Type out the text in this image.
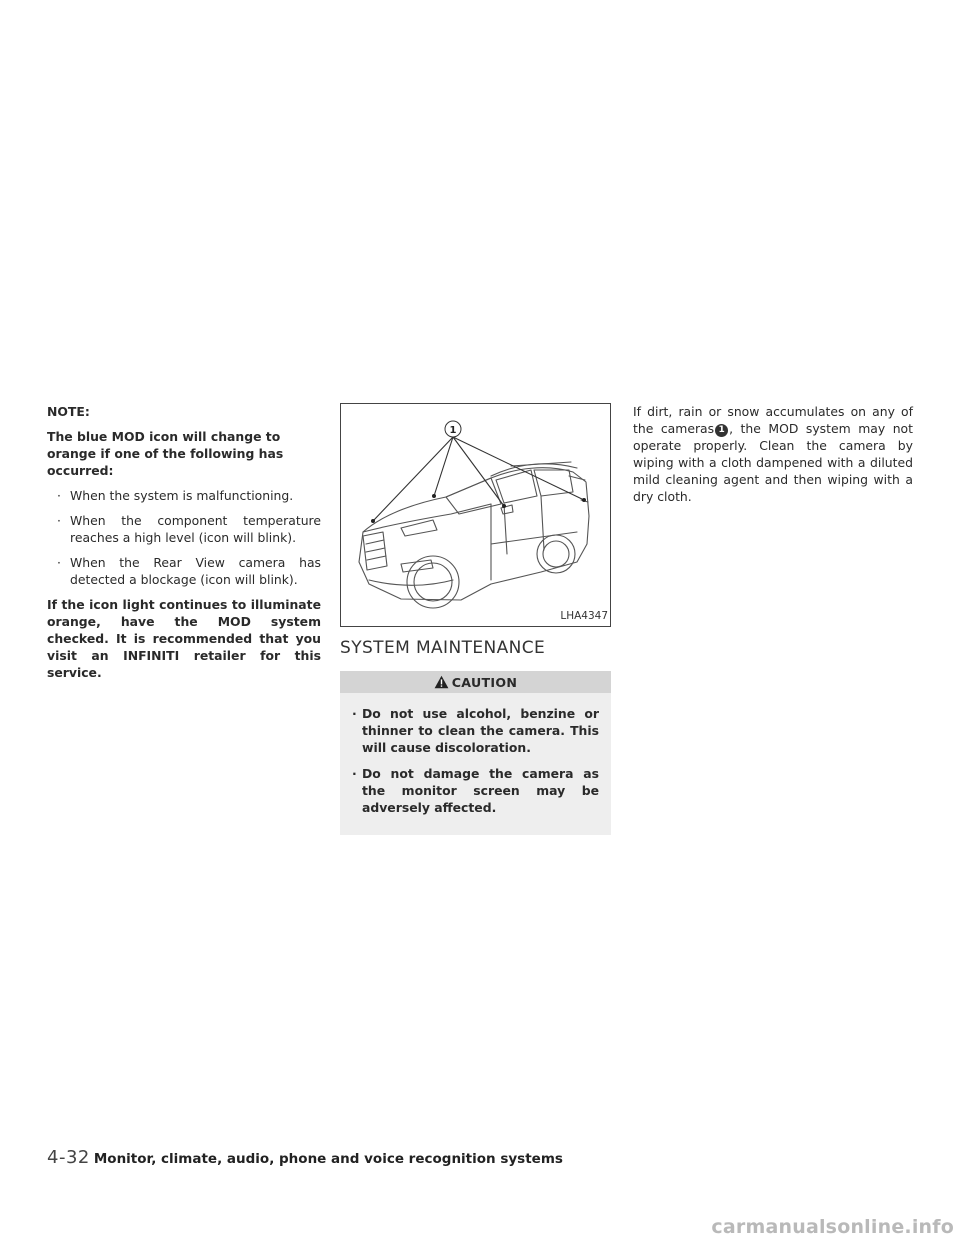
NOTE:

The blue MOD icon will change to orange if one of the following has occurred:

· When the system is malfunctioning.
· When the component temperature reaches a high level (icon will blink).
· When the Rear View camera has detected a blockage (icon will blink).

If the icon light continues to illuminate orange, have the MOD system checked. It is recommended that you visit an INFINITI retailer for this service.

1
LHA4347
SYSTEM MAINTENANCE
CAUTION
· Do not use alcohol, benzine or thinner to clean the camera. This will cause discoloration.
· Do not damage the camera as the monitor screen may be adversely affected.

If dirt, rain or snow accumulates on any of the cameras 1 , the MOD system may not operate properly. Clean the camera by wiping with a cloth dampened with a diluted mild cleaning agent and then wiping with a dry cloth.

4-32 Monitor, climate, audio, phone and voice recognition systems
carmanualsonline.info
